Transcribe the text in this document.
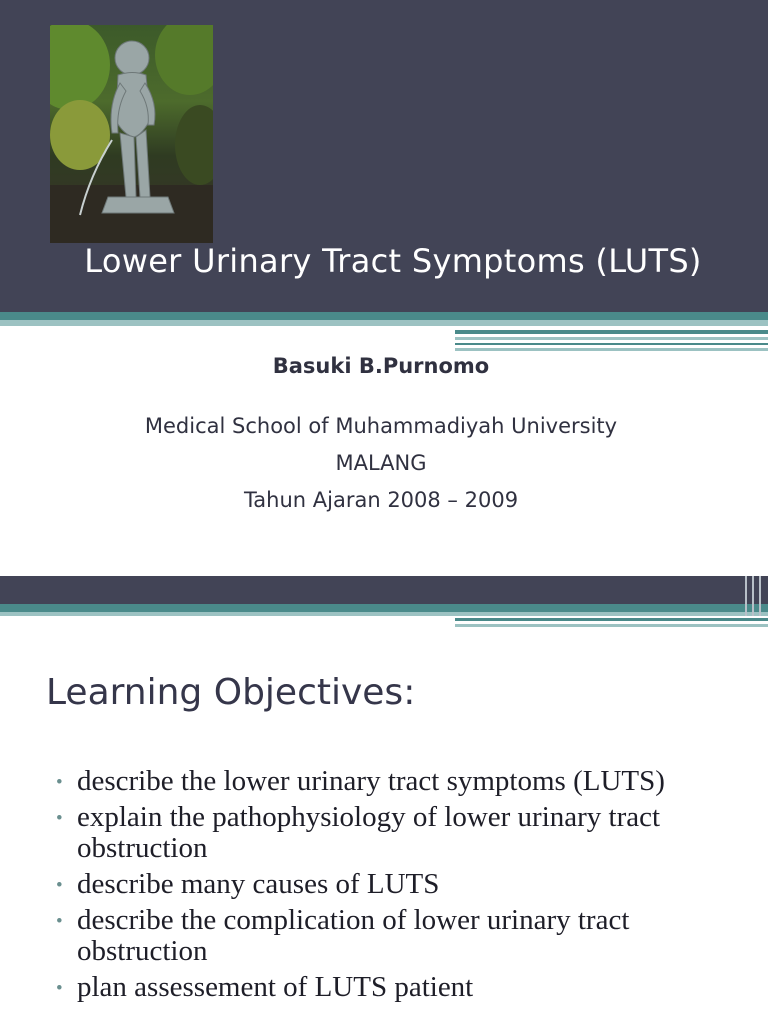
Lower Urinary Tract Symptoms (LUTS)
Basuki B.Purnomo
Medical School of Muhammadiyah University
MALANG
Tahun Ajaran 2008 – 2009
Learning Objectives:
• describe the lower urinary tract symptoms (LUTS)
• explain the pathophysiology of lower urinary tract obstruction
• describe many causes of LUTS
• describe the complication of lower urinary tract obstruction
• plan assessement of LUTS patient
